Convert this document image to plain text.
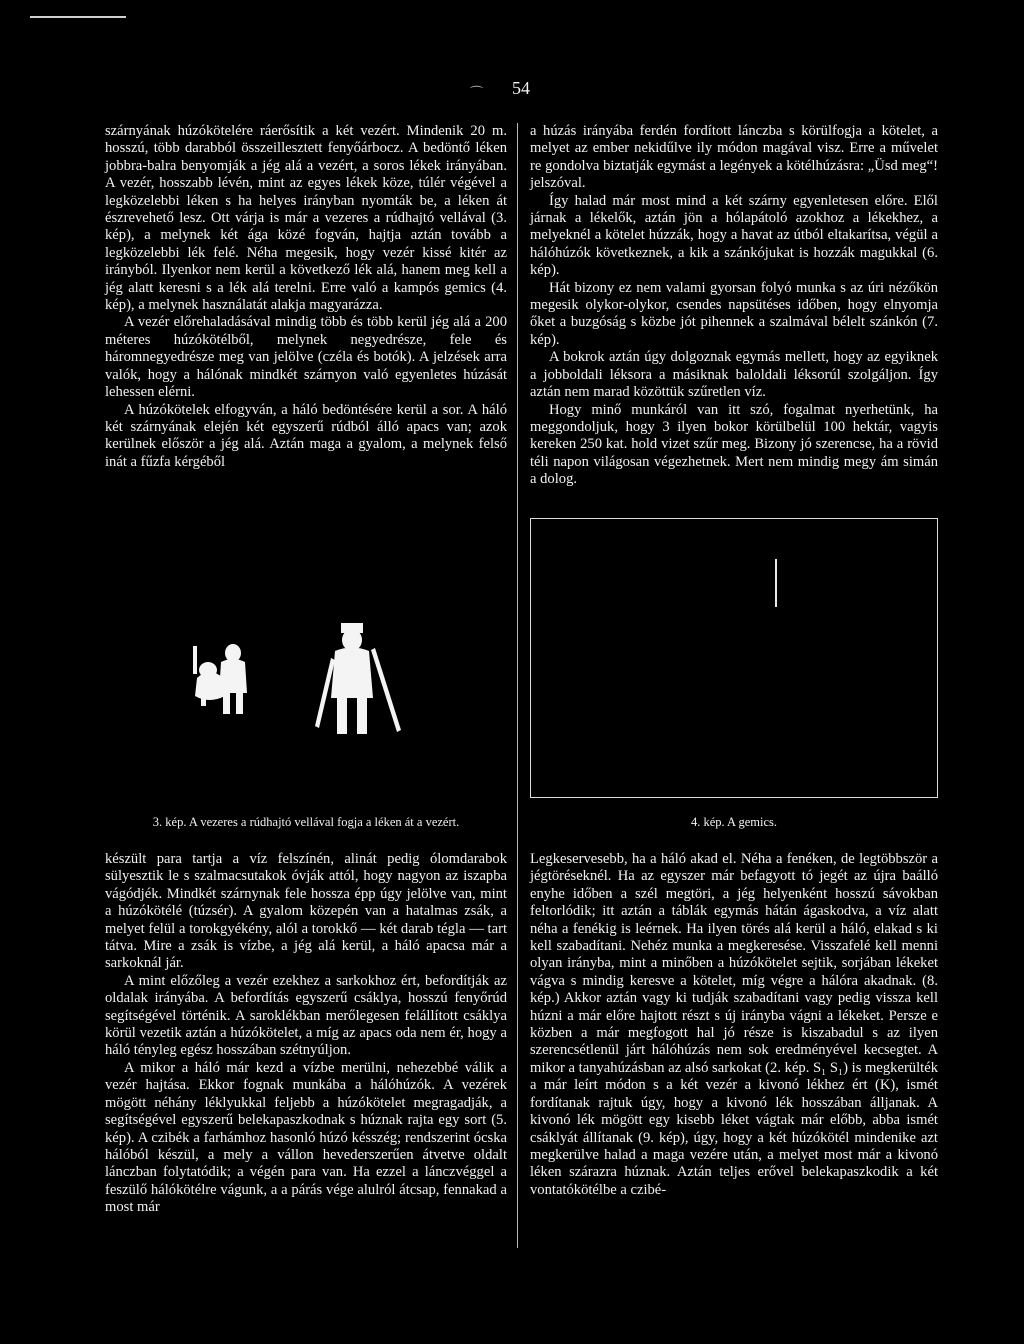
⌒ 54

szárnyának húzókötelére ráerősítik a két vezért. Mindenik 20 m. hosszú, több darabból összeillesztett fenyőárbocz. A bedöntő léken jobbra-balra benyomják a jég alá a vezért, a soros lékek irányában. A vezér, hosszabb lévén, mint az egyes lékek köze, túlér végével a legközelebbi léken s ha helyes irányban nyomták be, a léken át észrevehető lesz. Ott várja is már a vezeres a rúdhajtó vellával (3. kép), a melynek két ága közé fogván, hajtja aztán tovább a legközelebbi lék felé. Néha megesik, hogy vezér kissé kitér az irányból. Ilyenkor nem kerül a következő lék alá, hanem meg kell a jég alatt keresni s a lék alá terelni. Erre való a kampós gemics (4. kép), a melynek használatát alakja magyarázza.

A vezér előrehaladásával mindig több és több kerül jég alá a 200 méteres húzókötélből, melynek negyedrésze, fele és háromnegyedrésze meg van jelölve (czéla és botók). A jelzések arra valók, hogy a hálónak mindkét szárnyon való egyenletes húzását lehessen elérni.

A húzókötelek elfogyván, a háló bedöntésére kerül a sor. A háló két szárnyának elején két egyszerű rúdból álló apacs van; azok kerülnek először a jég alá. Aztán maga a gyalom, a melynek felső inát a fűzfa kérgéből

a húzás irányába ferdén fordított lánczba s körülfogja a kötelet, a melyet az ember nekidűlve ily módon magával visz. Erre a művelet re gondolva biztatják egymást a legények a kötélhúzásra: „Üsd meg“! jelszóval.

Így halad már most mind a két szárny egyenletesen előre. Elől járnak a lékelők, aztán jön a hólapátoló azokhoz a lékekhez, a melyeknél a kötelet húzzák, hogy a havat az útból eltakarítsa, végül a hálóhúzók következnek, a kik a szánkójukat is hozzák magukkal (6. kép).

Hát bizony ez nem valami gyorsan folyó munka s az úri nézőkön megesik olykor-olykor, csendes napsütéses időben, hogy elnyomja őket a buzgóság s közbe jót pihennek a szalmával bélelt szánkón (7. kép).

A bokrok aztán úgy dolgoznak egymás mellett, hogy az egyiknek a jobboldali léksora a másiknak baloldali léksorúl szolgáljon. Így aztán nem marad közöttük szűretlen víz.

Hogy minő munkáról van itt szó, fogalmat nyerhetünk, ha meggondoljuk, hogy 3 ilyen bokor körülbelül 100 hektár, vagyis kereken 250 kat. hold vizet szűr meg. Bizony jó szerencse, ha a rövid téli napon világosan végezhetnek. Mert nem mindig megy ám simán a dolog.

3. kép. A vezeres a rúdhajtó vellával fogja a léken át a vezért.	4. kép. A gemics.

készült para tartja a víz felszínén, alinát pedig ólomdarabok sülyesztik le s szalmacsutakok óvják attól, hogy nagyon az iszapba vágódjék. Mindkét szárnynak fele hossza épp úgy jelölve van, mint a húzókötélé (túzsér). A gyalom közepén van a hatalmas zsák, a melyet felül a torokgyékény, alól a torokkő — két darab tégla — tart tátva. Mire a zsák is vízbe, a jég alá kerül, a háló apacsa már a sarkoknál jár.

A mint előzőleg a vezér ezekhez a sarkokhoz ért, befordítják az oldalak irányába. A befordítás egyszerű csáklya, hosszú fenyőrúd segítségével történik. A saroklékban merőlegesen felállított csáklya körül vezetik aztán a húzókötelet, a míg az apacs oda nem ér, hogy a háló tényleg egész hosszában szétnyúljon.

A mikor a háló már kezd a vízbe merülni, nehezebbé válik a vezér hajtása. Ekkor fognak munkába a hálóhúzók. A vezérek mögött néhány léklyukkal feljebb a húzókötelet megragadják, a segítségével egyszerű belekapaszkodnak s húznak rajta egy sort (5. kép). A czibék a farhámhoz hasonló húzó késszég; rendszerint ócska hálóból készül, a mely a vállon hevederszerűen átvetve oldalt lánczban folytatódik; a végén para van. Ha ezzel a lánczvéggel a feszülő hálókötélre vágunk, a a párás vége alulról átcsap, fennakad a most már

Legkeservesebb, ha a háló akad el. Néha a fenéken, de legtöbbször a jégtöréseknél. Ha az egyszer már befagyott tó jegét az újra baálló enyhe időben a szél megtöri, a jég helyenként hosszú sávokban feltorlódik; itt aztán a táblák egymás hátán ágaskodva, a víz alatt néha a fenékig is leérnek. Ha ilyen törés alá kerül a háló, elakad s ki kell szabadítani. Nehéz munka a megkeresése. Visszafelé kell menni olyan irányba, mint a minőben a húzókötelet sejtik, sorjában lékeket vágva s mindig keresve a kötelet, míg végre a hálóra akadnak. (8. kép.) Akkor aztán vagy ki tudják szabadítani vagy pedig vissza kell húzni a már előre hajtott részt s új irányba vágni a lékeket. Persze e közben a már megfogott hal jó része is kiszabadul s az ilyen szerencsétlenül járt hálóhúzás nem sok eredményével kecsegtet. A mikor a tanyahúzásban az alsó sarkokat (2. kép. S₁ S₁) is megkerülték a már leírt módon s a két vezér a kivonó lékhez ért (K), ismét fordítanak rajtuk úgy, hogy a kivonó lék hosszában álljanak. A kivonó lék mögött egy kisebb léket vágtak már előbb, abba ismét csáklyát állítanak (9. kép), úgy, hogy a két húzókötél mindenike azt megkerülve halad a maga vezére után, a melyet most már a kivonó léken szárazra húznak. Aztán teljes erővel belekapaszkodik a két vontatókötélbe a czibé-
